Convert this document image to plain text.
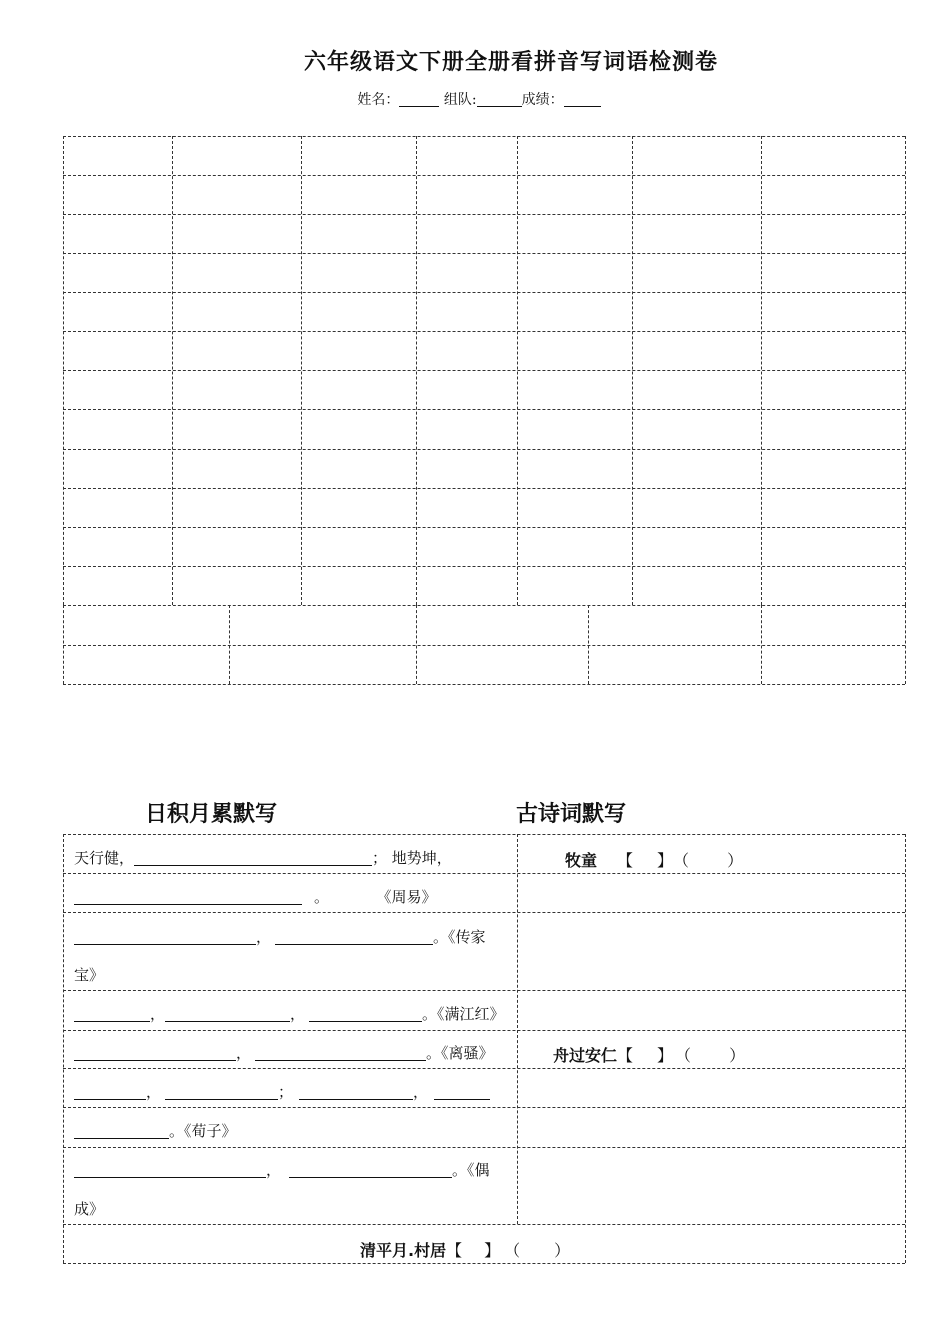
六年级语文下册全册看拼音写词语检测卷
姓名：	组队:	成绩：
日积月累默写	古诗词默写
天行健，	； 地势坤，
。	《周易》
，	。《传家
宝》
，	，	。《满江红》
，	。《离骚》
，	；	，
。《荀子》
，	。《偶
成》
牧童 【 】 （ ）
舟过安仁【 】 （ ）
清平月.村居【 】 （ ）
